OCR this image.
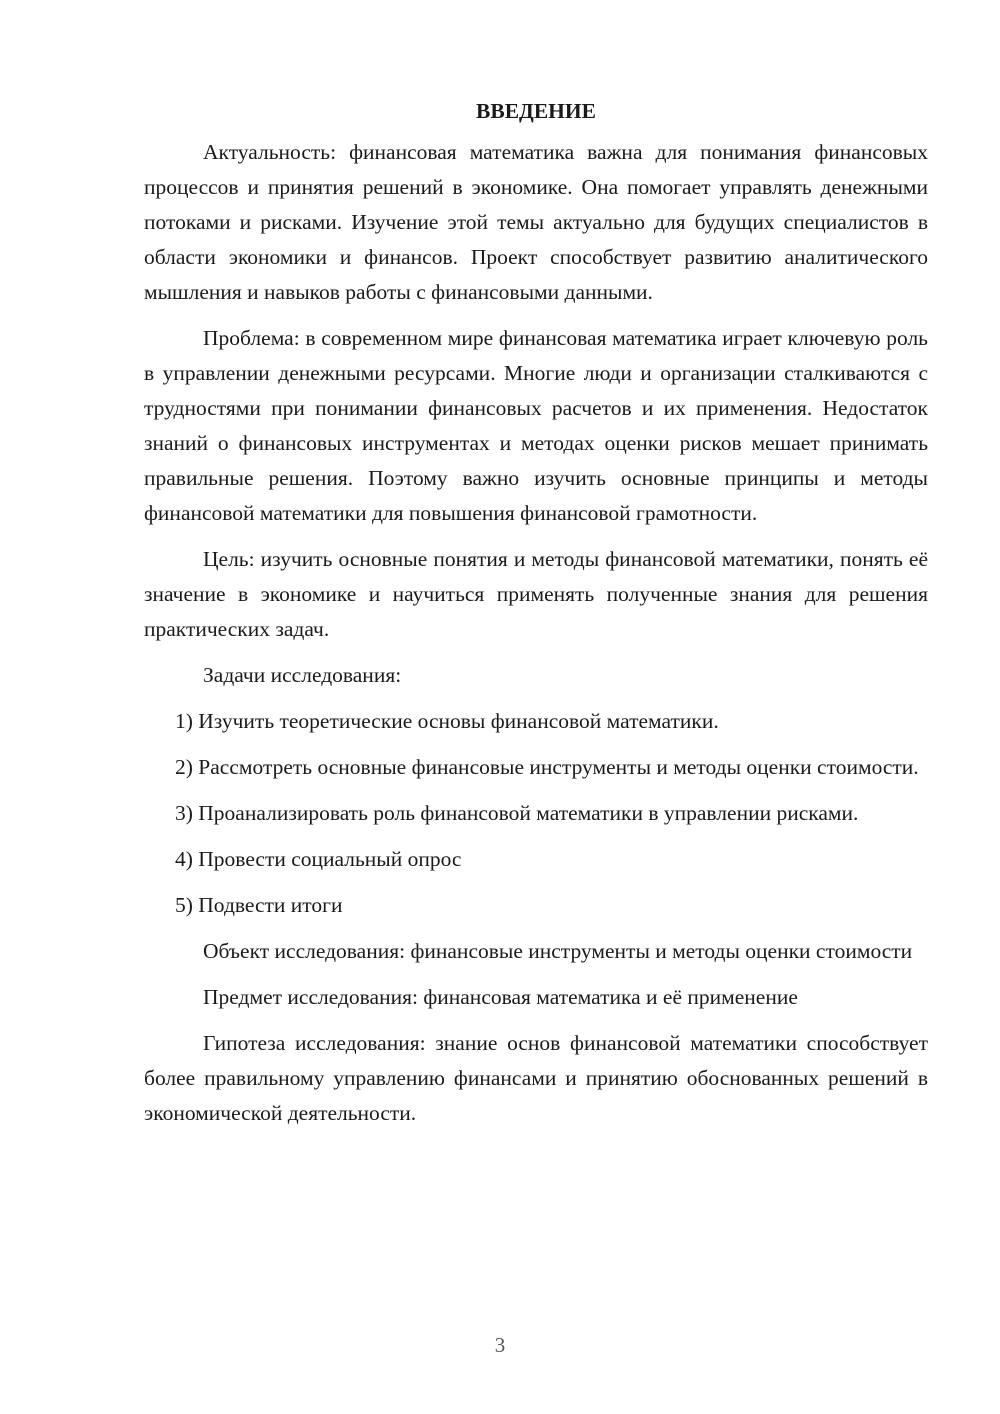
ВВЕДЕНИЕ

Актуальность: финансовая математика важна для понимания финансовых процессов и принятия решений в экономике. Она помогает управлять денежными потоками и рисками. Изучение этой темы актуально для будущих специалистов в области экономики и финансов. Проект способствует развитию аналитического мышления и навыков работы с финансовыми данными.

Проблема: в современном мире финансовая математика играет ключевую роль в управлении денежными ресурсами. Многие люди и организации сталкиваются с трудностями при понимании финансовых расчетов и их применения. Недостаток знаний о финансовых инструментах и методах оценки рисков мешает принимать правильные решения. Поэтому важно изучить основные принципы и методы финансовой математики для повышения финансовой грамотности.

Цель: изучить основные понятия и методы финансовой математики, понять её значение в экономике и научиться применять полученные знания для решения практических задач.

Задачи исследования:

1) Изучить теоретические основы финансовой математики.

2) Рассмотреть основные финансовые инструменты и методы оценки стоимости.

3) Проанализировать роль финансовой математики в управлении рисками.

4) Провести социальный опрос

5) Подвести итоги

Объект исследования: финансовые инструменты и методы оценки стоимости

Предмет исследования: финансовая математика и её применение

Гипотеза исследования: знание основ финансовой математики способствует более правильному управлению финансами и принятию обоснованных решений в экономической деятельности.

3
